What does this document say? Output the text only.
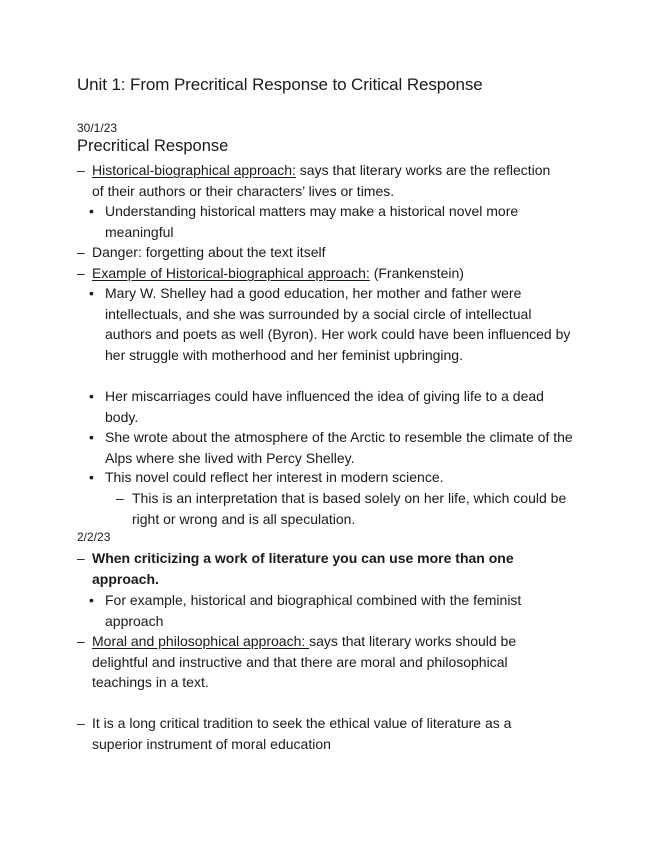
Unit 1: From Precritical Response to Critical Response
30/1/23
Precritical Response
– Historical-biographical approach: says that literary works are the reflection of their authors or their characters’ lives or times.
• Understanding historical matters may make a historical novel more meaningful
– Danger: forgetting about the text itself
– Example of Historical-biographical approach: (Frankenstein)
• Mary W. Shelley had a good education, her mother and father were intellectuals, and she was surrounded by a social circle of intellectual authors and poets as well (Byron). Her work could have been influenced by her struggle with motherhood and her feminist upbringing.
• Her miscarriages could have influenced the idea of giving life to a dead body.
• She wrote about the atmosphere of the Arctic to resemble the climate of the Alps where she lived with Percy Shelley.
• This novel could reflect her interest in modern science.
– This is an interpretation that is based solely on her life, which could be right or wrong and is all speculation.
2/2/23
– When criticizing a work of literature you can use more than one approach.
• For example, historical and biographical combined with the feminist approach
– Moral and philosophical approach: says that literary works should be delightful and instructive and that there are moral and philosophical teachings in a text.
– It is a long critical tradition to seek the ethical value of literature as a superior instrument of moral education
